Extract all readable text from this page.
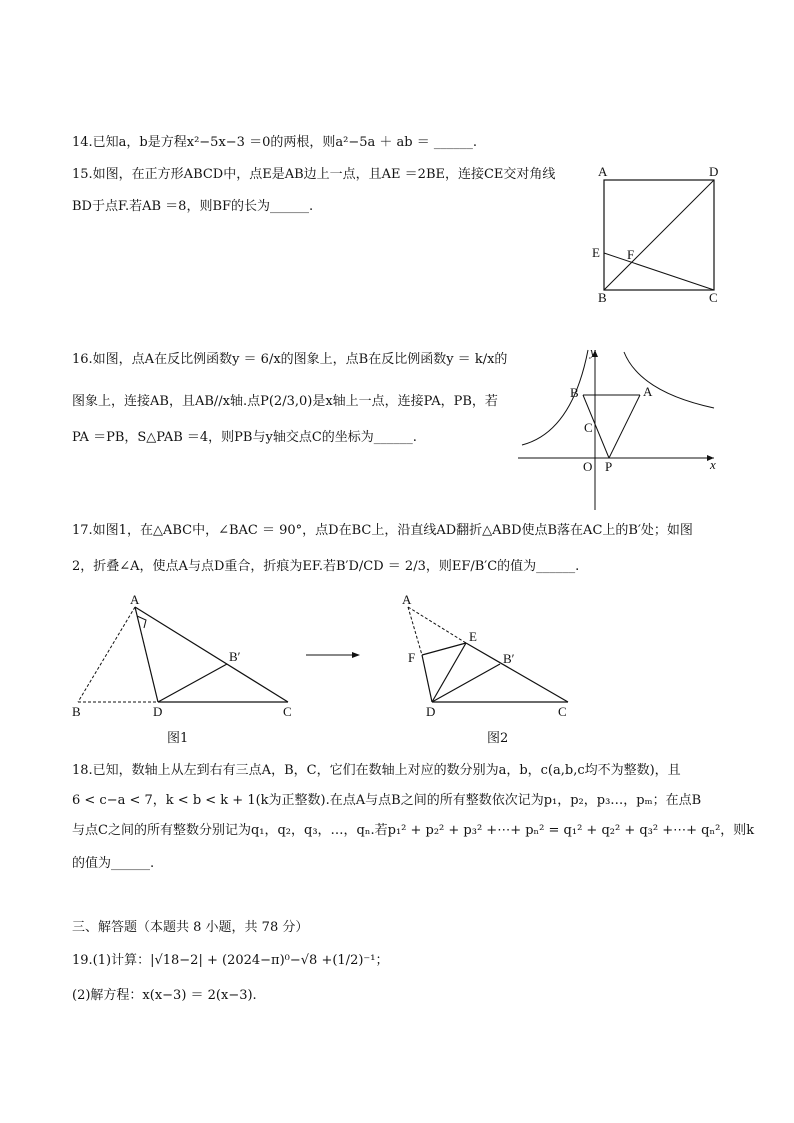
14.已知a，b是方程x²−5x−3 ＝0的两根，则a²−5a ＋ ab ＝ ______.
15.如图，在正方形ABCD中，点E是AB边上一点，且AE ＝2BE，连接CE交对角线
BD于点F.若AB ＝8，则BF的长为______.
A	D
E F
B	C
16.如图，点A在反比例函数y ＝ 6/x的图象上，点B在反比例函数y ＝ k/x的
图象上，连接AB，且AB//x轴.点P(2/3,0)是x轴上一点，连接PA，PB，若
PA ＝PB，S△PAB ＝4，则PB与y轴交点C的坐标为______.
y
x
B	A
C
O P
17.如图1，在△ABC中，∠BAC ＝ 90°，点D在BC上，沿直线AD翻折△ABD使点B落在AC上的B′处；如图
2，折叠∠A，使点A与点D重合，折痕为EF.若B′D/CD ＝ 2/3，则EF/B′C的值为______.
A
B	D	C
B′
A
E
F	B′
D	C
图1	图2
18.已知，数轴上从左到右有三点A，B，C，它们在数轴上对应的数分别为a，b，c(a,b,c均不为整数)，且
6 < c−a < 7，k < b < k + 1(k为正整数).在点A与点B之间的所有整数依次记为p₁，p₂，p₃…，pₘ；在点B
与点C之间的所有整数分别记为q₁，q₂，q₃，…，qₙ.若p₁² + p₂² + p₃² +⋯+ pₙ² = q₁² + q₂² + q₃² +⋯+ qₙ²，则k
的值为______.
三、解答题（本题共 8 小题，共 78 分）
19.(1)计算：|√18−2| + (2024−π)⁰−√8 +(1/2)⁻¹；
(2)解方程：x(x−3) ＝ 2(x−3).
